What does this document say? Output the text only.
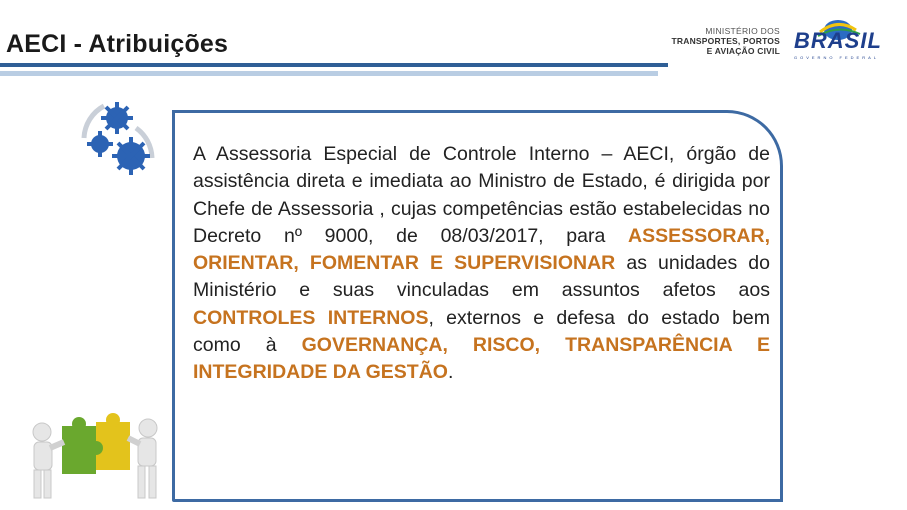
AECI - Atribuições	MINISTÉRIO DOS
TRANSPORTES, PORTOS
E AVIAÇÃO CIVIL BRASIL
GOVERNO FEDERAL
A Assessoria Especial de Controle Interno – AECI, órgão de assistência direta e imediata ao Ministro de Estado, é dirigida por Chefe de Assessoria , cujas competências estão estabelecidas no Decreto nº 9000, de 08/03/2017, para ASSESSORAR, ORIENTAR, FOMENTAR E SUPERVISIONAR as unidades do Ministério e suas vinculadas em assuntos afetos aos CONTROLES INTERNOS, externos e defesa do estado bem como à GOVERNANÇA, RISCO, TRANSPARÊNCIA E INTEGRIDADE DA GESTÃO.
